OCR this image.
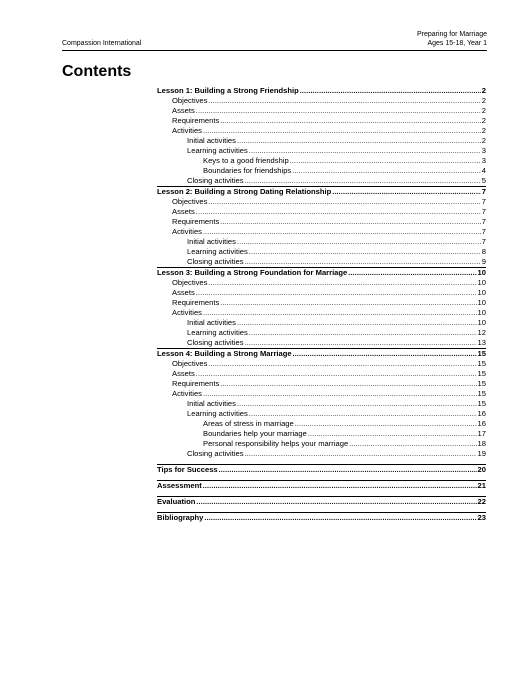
Compassion International
Preparing for Marriage
Ages 15-18, Year 1
Contents
Lesson 1: Building a Strong Friendship .....	2
Objectives .....	2
Assets .....	2
Requirements .....	2
Activities .....	2
Initial activities .....	2
Learning activities .....	3
Keys to a good friendship .....	3
Boundaries for friendships .....	4
Closing activities .....	5
Lesson 2: Building a Strong Dating Relationship .....	7
Objectives .....	7
Assets .....	7
Requirements .....	7
Activities .....	7
Initial activities .....	7
Learning activities .....	8
Closing activities .....	9
Lesson 3: Building a Strong Foundation for Marriage .....	10
Objectives .....	10
Assets .....	10
Requirements .....	10
Activities .....	10
Initial activities .....	10
Learning activities .....	12
Closing activities .....	13
Lesson 4: Building a Strong Marriage .....	15
Objectives .....	15
Assets .....	15
Requirements .....	15
Activities .....	15
Initial activities .....	15
Learning activities .....	16
Areas of stress in marriage .....	16
Boundaries help your marriage .....	17
Personal responsibility helps your marriage .....	18
Closing activities .....	19
Tips for Success .....	20
Assessment .....	21
Evaluation .....	22
Bibliography .....	23
